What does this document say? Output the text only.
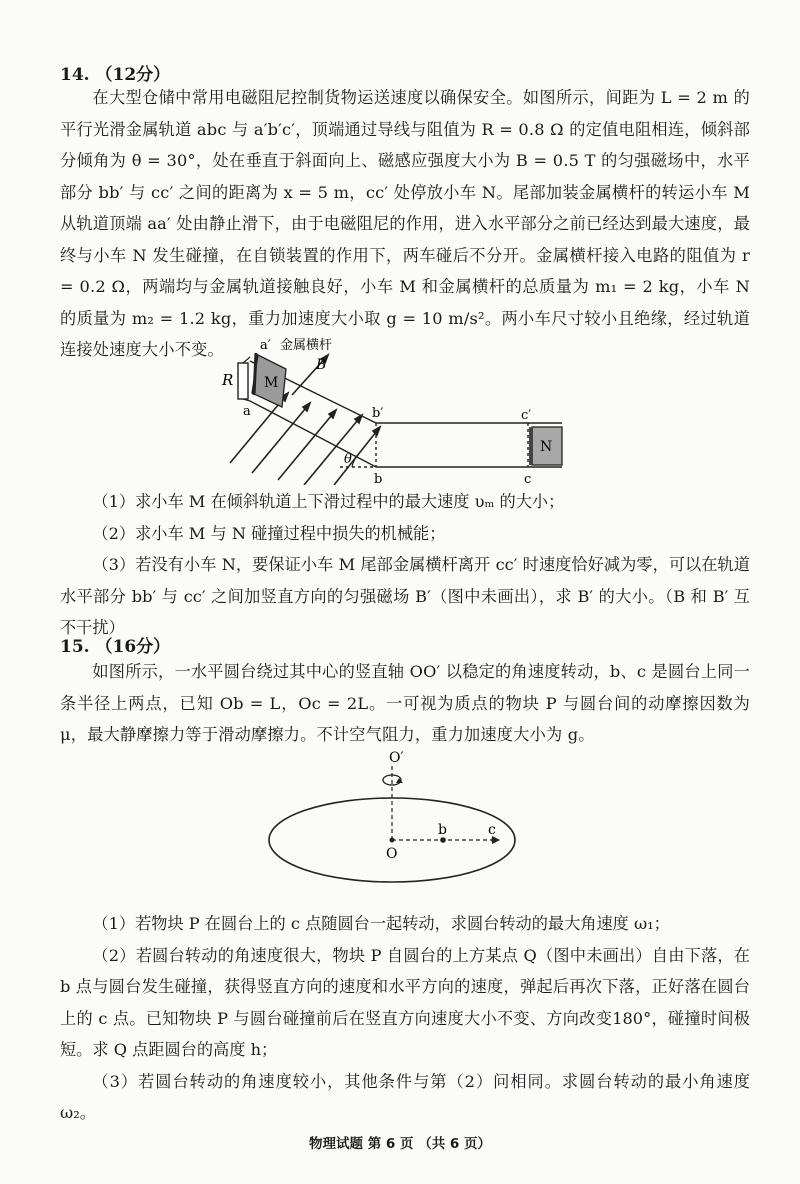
14. （12分）

在大型仓储中常用电磁阻尼控制货物运送速度以确保安全。如图所示，间距为 L = 2 m 的平行光滑金属轨道 abc 与 a′b′c′，顶端通过导线与阻值为 R = 0.8 Ω 的定值电阻相连，倾斜部分倾角为 θ = 30°，处在垂直于斜面向上、磁感应强度大小为 B = 0.5 T 的匀强磁场中，水平部分 bb′ 与 cc′ 之间的距离为 x = 5 m，cc′ 处停放小车 N。尾部加装金属横杆的转运小车 M 从轨道顶端 aa′ 处由静止滑下，由于电磁阻尼的作用，进入水平部分之前已经达到最大速度，最终与小车 N 发生碰撞，在自锁装置的作用下，两车碰后不分开。金属横杆接入电路的阻值为 r = 0.2 Ω，两端均与金属轨道接触良好，小车 M 和金属横杆的总质量为 m₁ = 2 kg，小车 N 的质量为 m₂ = 1.2 kg，重力加速度大小取 g = 10 m/s²。两小车尺寸较小且绝缘，经过轨道连接处速度大小不变。

R M
N
a′ 金属横杆
a
B
b′
b
c′
c
θ

（1）求小车 M 在倾斜轨道上下滑过程中的最大速度 υₘ 的大小；

（2）求小车 M 与 N 碰撞过程中损失的机械能；

（3）若没有小车 N，要保证小车 M 尾部金属横杆离开 cc′ 时速度恰好减为零，可以在轨道水平部分 bb′ 与 cc′ 之间加竖直方向的匀强磁场 B′（图中未画出），求 B′ 的大小。（B 和 B′ 互不干扰）

15. （16分）

如图所示，一水平圆台绕过其中心的竖直轴 OO′ 以稳定的角速度转动，b、c 是圆台上同一条半径上两点，已知 Ob = L，Oc = 2L。一可视为质点的物块 P 与圆台间的动摩擦因数为 μ，最大静摩擦力等于滑动摩擦力。不计空气阻力，重力加速度大小为 g。

O′
O
b	c

（1）若物块 P 在圆台上的 c 点随圆台一起转动，求圆台转动的最大角速度 ω₁；

（2）若圆台转动的角速度很大，物块 P 自圆台的上方某点 Q（图中未画出）自由下落，在 b 点与圆台发生碰撞，获得竖直方向的速度和水平方向的速度，弹起后再次下落，正好落在圆台上的 c 点。已知物块 P 与圆台碰撞前后在竖直方向速度大小不变、方向改变180°，碰撞时间极短。求 Q 点距圆台的高度 h；

（3）若圆台转动的角速度较小，其他条件与第（2）问相同。求圆台转动的最小角速度 ω₂。

物理试题 第 6 页 （共 6 页）
